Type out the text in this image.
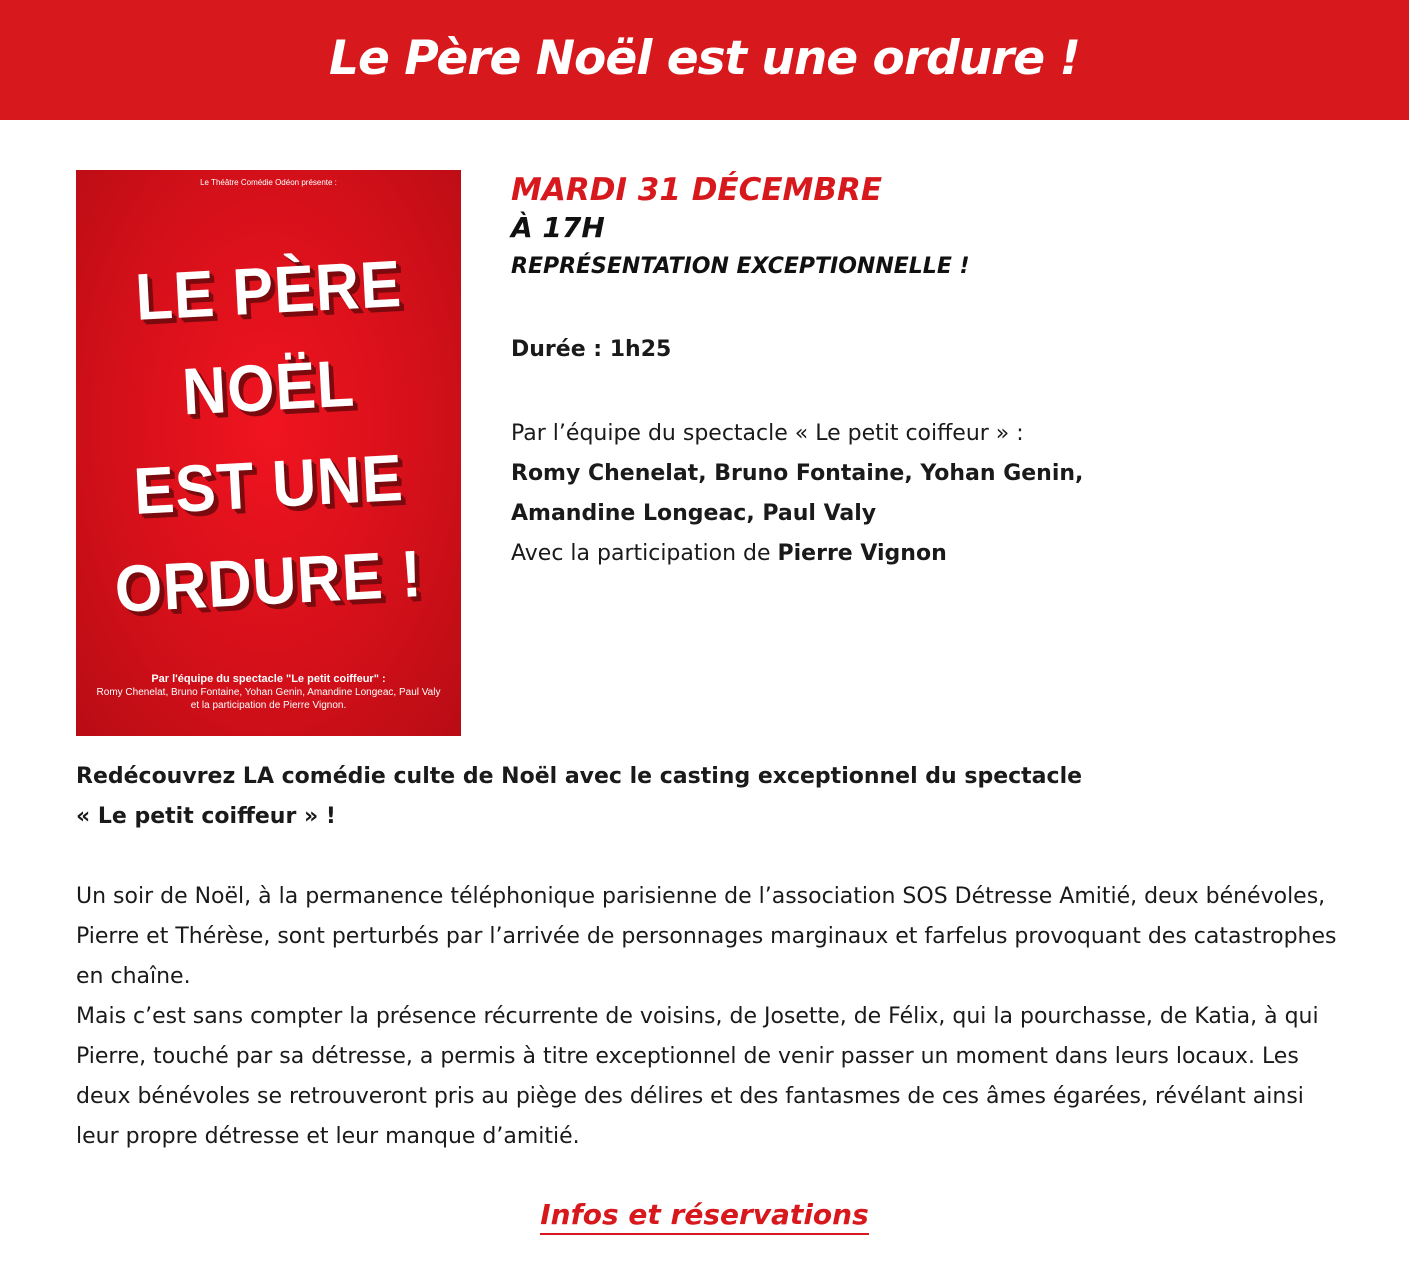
Le Père Noël est une ordure !
Le Théâtre Comédie Odéon présente :
LE PÈRE
NOËL
EST UNE
ORDURE !
Par l'équipe du spectacle "Le petit coiffeur" :
Romy Chenelat, Bruno Fontaine, Yohan Genin, Amandine Longeac, Paul Valy
et la participation de Pierre Vignon.

MARDI 31 DÉCEMBRE

À 17H

REPRÉSENTATION EXCEPTIONNELLE !

Durée : 1h25

Par l’équipe du spectacle « Le petit coiffeur » :
Romy Chenelat, Bruno Fontaine, Yohan Genin,
Amandine Longeac, Paul Valy
Avec la participation de Pierre Vignon

Redécouvrez LA comédie culte de Noël avec le casting exceptionnel du spectacle
« Le petit coiffeur » !

Un soir de Noël, à la permanence téléphonique parisienne de l’association SOS Détresse Amitié, deux bénévoles, Pierre et Thérèse, sont perturbés par l’arrivée de personnages marginaux et farfelus provoquant des catastrophes en chaîne.

Mais c’est sans compter la présence récurrente de voisins, de Josette, de Félix, qui la pourchasse, de Katia, à qui Pierre, touché par sa détresse, a permis à titre exceptionnel de venir passer un moment dans leurs locaux. Les deux bénévoles se retrouveront pris au piège des délires et des fantasmes de ces âmes égarées, révélant ainsi leur propre détresse et leur manque d’amitié.

Infos et réservations
